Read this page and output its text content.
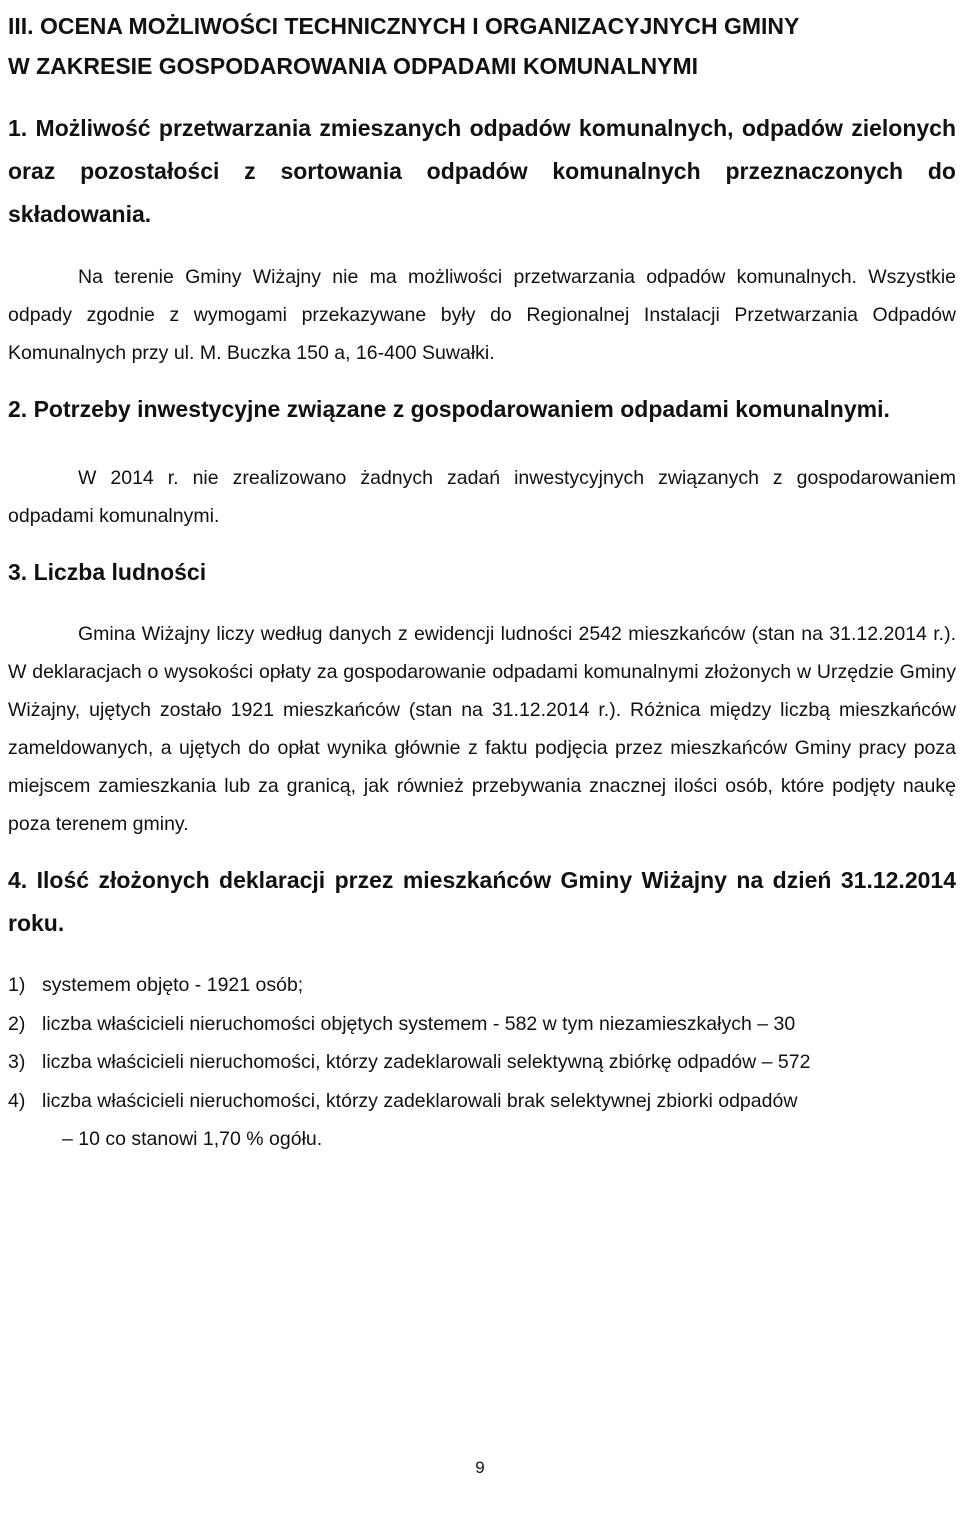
III. OCENA MOŻLIWOŚCI TECHNICZNYCH I ORGANIZACYJNYCH GMINY
W ZAKRESIE GOSPODAROWANIA ODPADAMI KOMUNALNYMI

1. Możliwość przetwarzania zmieszanych odpadów komunalnych, odpadów zielonych oraz pozostałości z sortowania odpadów komunalnych przeznaczonych do składowania.

Na terenie Gminy Wiżajny nie ma możliwości przetwarzania odpadów komunalnych. Wszystkie odpady zgodnie z wymogami przekazywane były do Regionalnej Instalacji Przetwarzania Odpadów Komunalnych przy ul. M. Buczka 150 a, 16-400 Suwałki.

2. Potrzeby inwestycyjne związane z gospodarowaniem odpadami komunalnymi.

W 2014 r. nie zrealizowano żadnych zadań inwestycyjnych związanych z gospodarowaniem odpadami komunalnymi.

3. Liczba ludności

Gmina Wiżajny liczy według danych z ewidencji ludności 2542 mieszkańców (stan na 31.12.2014 r.). W deklaracjach o wysokości opłaty za gospodarowanie odpadami komunalnymi złożonych w Urzędzie Gminy Wiżajny, ujętych zostało 1921 mieszkańców (stan na 31.12.2014 r.). Różnica między liczbą mieszkańców zameldowanych, a ujętych do opłat wynika głównie z faktu podjęcia przez mieszkańców Gminy pracy poza miejscem zamieszkania lub za granicą, jak również przebywania znacznej ilości osób, które podjęty naukę poza terenem gminy.

4. Ilość złożonych deklaracji przez mieszkańców Gminy Wiżajny na dzień 31.12.2014 roku.

1) systemem objęto - 1921 osób;
2) liczba właścicieli nieruchomości objętych systemem - 582 w tym niezamieszkałych – 30
3) liczba właścicieli nieruchomości, którzy zadeklarowali selektywną zbiórkę odpadów – 572
4) liczba właścicieli nieruchomości, którzy zadeklarowali brak selektywnej zbiorki odpadów
– 10 co stanowi 1,70 % ogółu.
9
